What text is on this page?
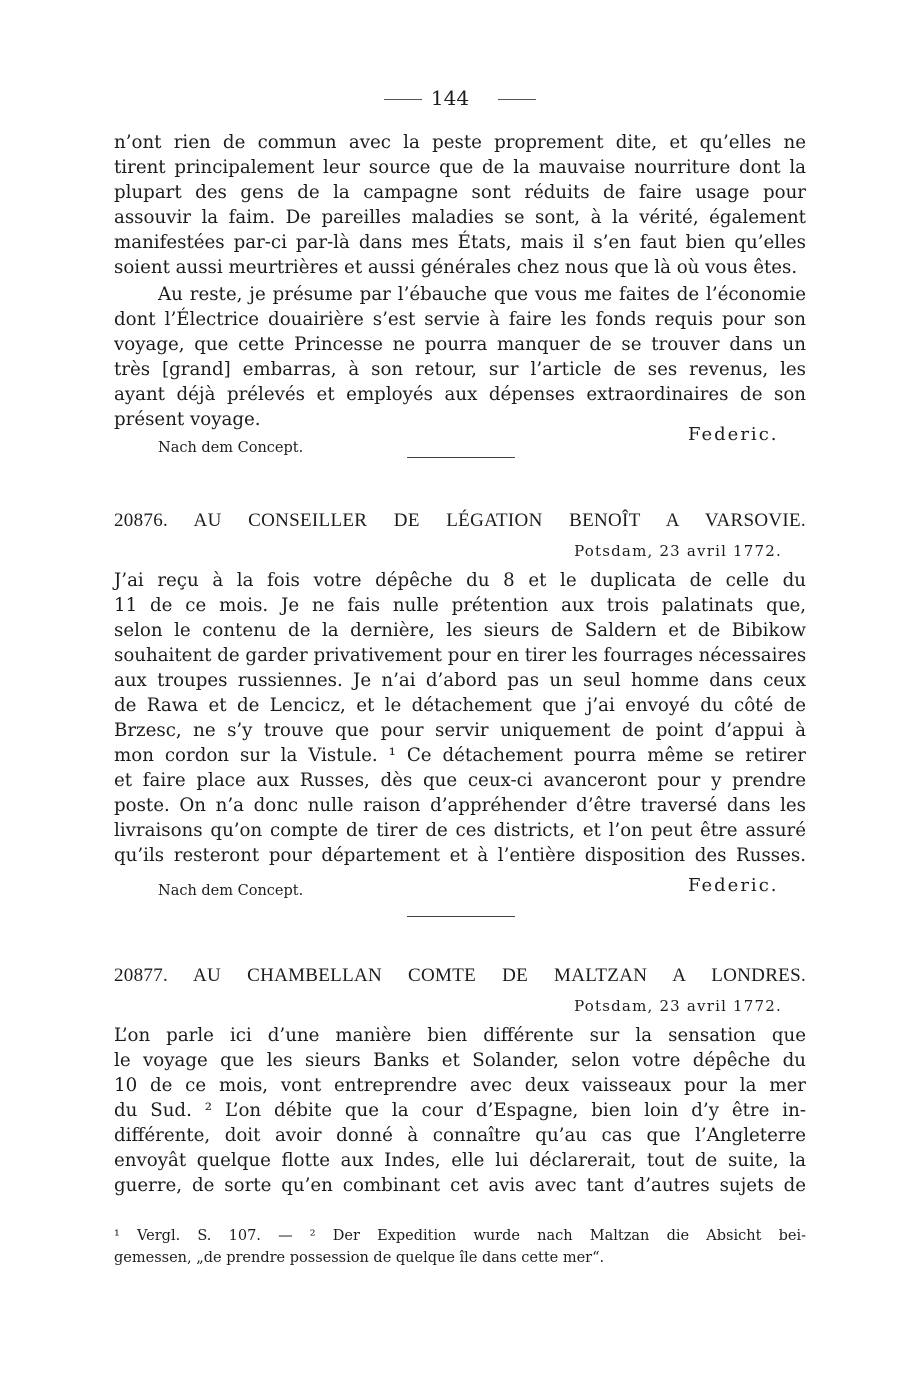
144
n’ont rien de commun avec la peste proprement dite, et qu’elles ne
tirent principalement leur source que de la mauvaise nourriture dont la
plupart des gens de la campagne sont réduits de faire usage pour
assouvir la faim. De pareilles maladies se sont, à la vérité, également
manifestées par-ci par-là dans mes États, mais il s’en faut bien qu’elles
soient aussi meurtrières et aussi générales chez nous que là où vous êtes.
Au reste, je présume par l’ébauche que vous me faites de l’économie
dont l’Électrice douairière s’est servie à faire les fonds requis pour son
voyage, que cette Princesse ne pourra manquer de se trouver dans un
très [grand] embarras, à son retour, sur l’article de ses revenus, les
ayant déjà prélevés et employés aux dépenses extraordinaires de son
présent voyage.
Nach dem Concept.
Federic.
20876. AU CONSEILLER DE LÉGATION BENOÎT A VARSOVIE.
Potsdam, 23 avril 1772.
J’ai reçu à la fois votre dépêche du 8 et le duplicata de celle du
11 de ce mois. Je ne fais nulle prétention aux trois palatinats que,
selon le contenu de la dernière, les sieurs de Saldern et de Bibikow
souhaitent de garder privativement pour en tirer les fourrages nécessaires
aux troupes russiennes. Je n’ai d’abord pas un seul homme dans ceux
de Rawa et de Lencicz, et le détachement que j’ai envoyé du côté de
Brzesc, ne s’y trouve que pour servir uniquement de point d’appui à
mon cordon sur la Vistule. ¹ Ce détachement pourra même se retirer
et faire place aux Russes, dès que ceux-ci avanceront pour y prendre
poste. On n’a donc nulle raison d’appréhender d’être traversé dans les
livraisons qu’on compte de tirer de ces districts, et l’on peut être assuré
qu’ils resteront pour département et à l’entière disposition des Russes.
Nach dem Concept.	Federic.
20877. AU CHAMBELLAN COMTE DE MALTZAN A LONDRES.
Potsdam, 23 avril 1772.
L’on parle ici d’une manière bien différente sur la sensation que
le voyage que les sieurs Banks et Solander, selon votre dépêche du
10 de ce mois, vont entreprendre avec deux vaisseaux pour la mer
du Sud. ² L’on débite que la cour d’Espagne, bien loin d’y être in-
différente, doit avoir donné à connaître qu’au cas que l’Angleterre
envoyât quelque flotte aux Indes, elle lui déclarerait, tout de suite, la
guerre, de sorte qu’en combinant cet avis avec tant d’autres sujets de
¹ Vergl. S. 107. — ² Der Expedition wurde nach Maltzan die Absicht bei-
gemessen, „de prendre possession de quelque île dans cette mer“.
